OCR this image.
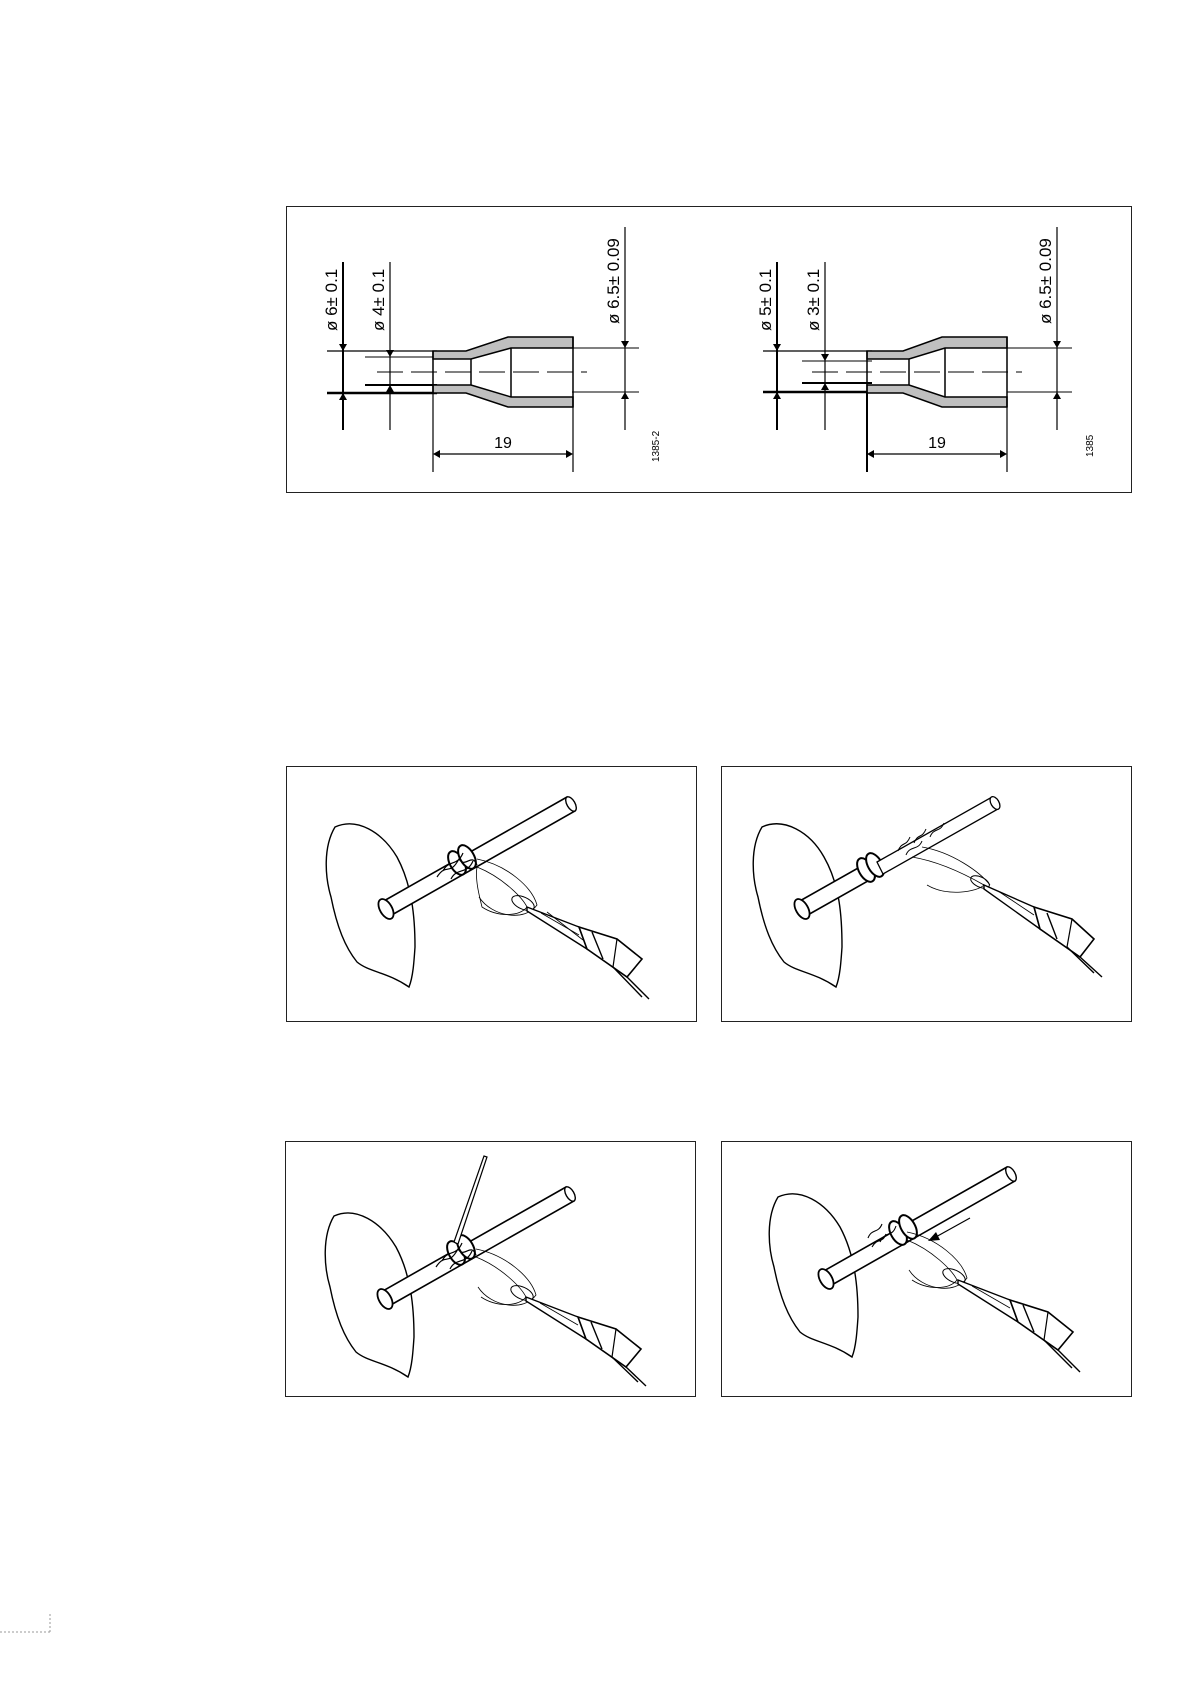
ø 6± 0.1 ø 4± 0.1	ø 6.5± 0.09
19	1385-2
ø 5± 0.1 ø 3± 0.1	ø 6.5± 0.09
19	1385
